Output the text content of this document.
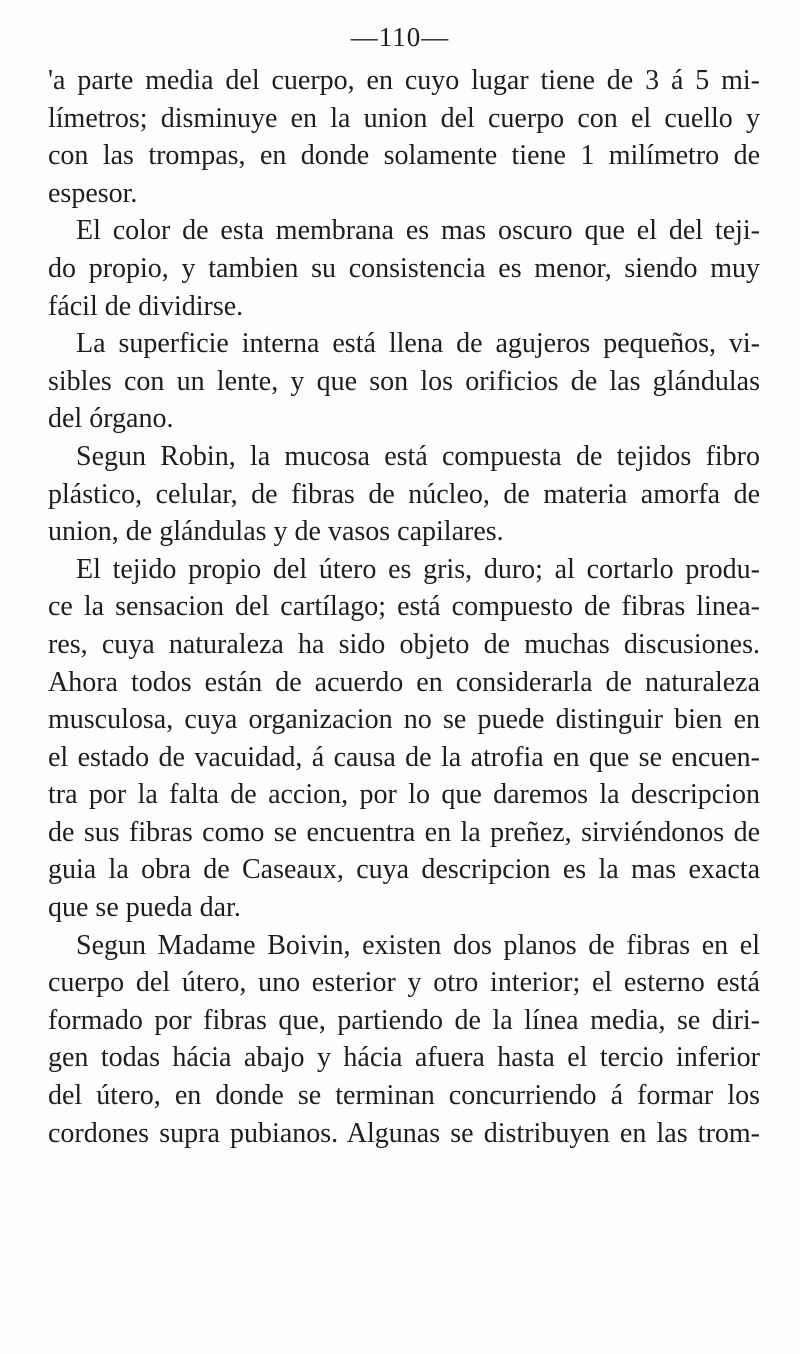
—110—
'a parte media del cuerpo, en cuyo lugar tiene de 3 á 5 mi-
límetros; disminuye en la union del cuerpo con el cuello y
con las trompas, en donde solamente tiene 1 milímetro de
espesor.
El color de esta membrana es mas oscuro que el del teji-
do propio, y tambien su consistencia es menor, siendo muy
fácil de dividirse.
La superficie interna está llena de agujeros pequeños, vi-
sibles con un lente, y que son los orificios de las glándulas
del órgano.
Segun Robin, la mucosa está compuesta de tejidos fibro
plástico, celular, de fibras de núcleo, de materia amorfa de
union, de glándulas y de vasos capilares.
El tejido propio del útero es gris, duro; al cortarlo produ-
ce la sensacion del cartílago; está compuesto de fibras linea-
res, cuya naturaleza ha sido objeto de muchas discusiones.
Ahora todos están de acuerdo en considerarla de naturaleza
musculosa, cuya organizacion no se puede distinguir bien en
el estado de vacuidad, á causa de la atrofia en que se encuen-
tra por la falta de accion, por lo que daremos la descripcion
de sus fibras como se encuentra en la preñez, sirviéndonos de
guia la obra de Caseaux, cuya descripcion es la mas exacta
que se pueda dar.
Segun Madame Boivin, existen dos planos de fibras en el
cuerpo del útero, uno esterior y otro interior; el esterno está
formado por fibras que, partiendo de la línea media, se diri-
gen todas hácia abajo y hácia afuera hasta el tercio inferior
del útero, en donde se terminan concurriendo á formar los
cordones supra pubianos. Algunas se distribuyen en las trom-
